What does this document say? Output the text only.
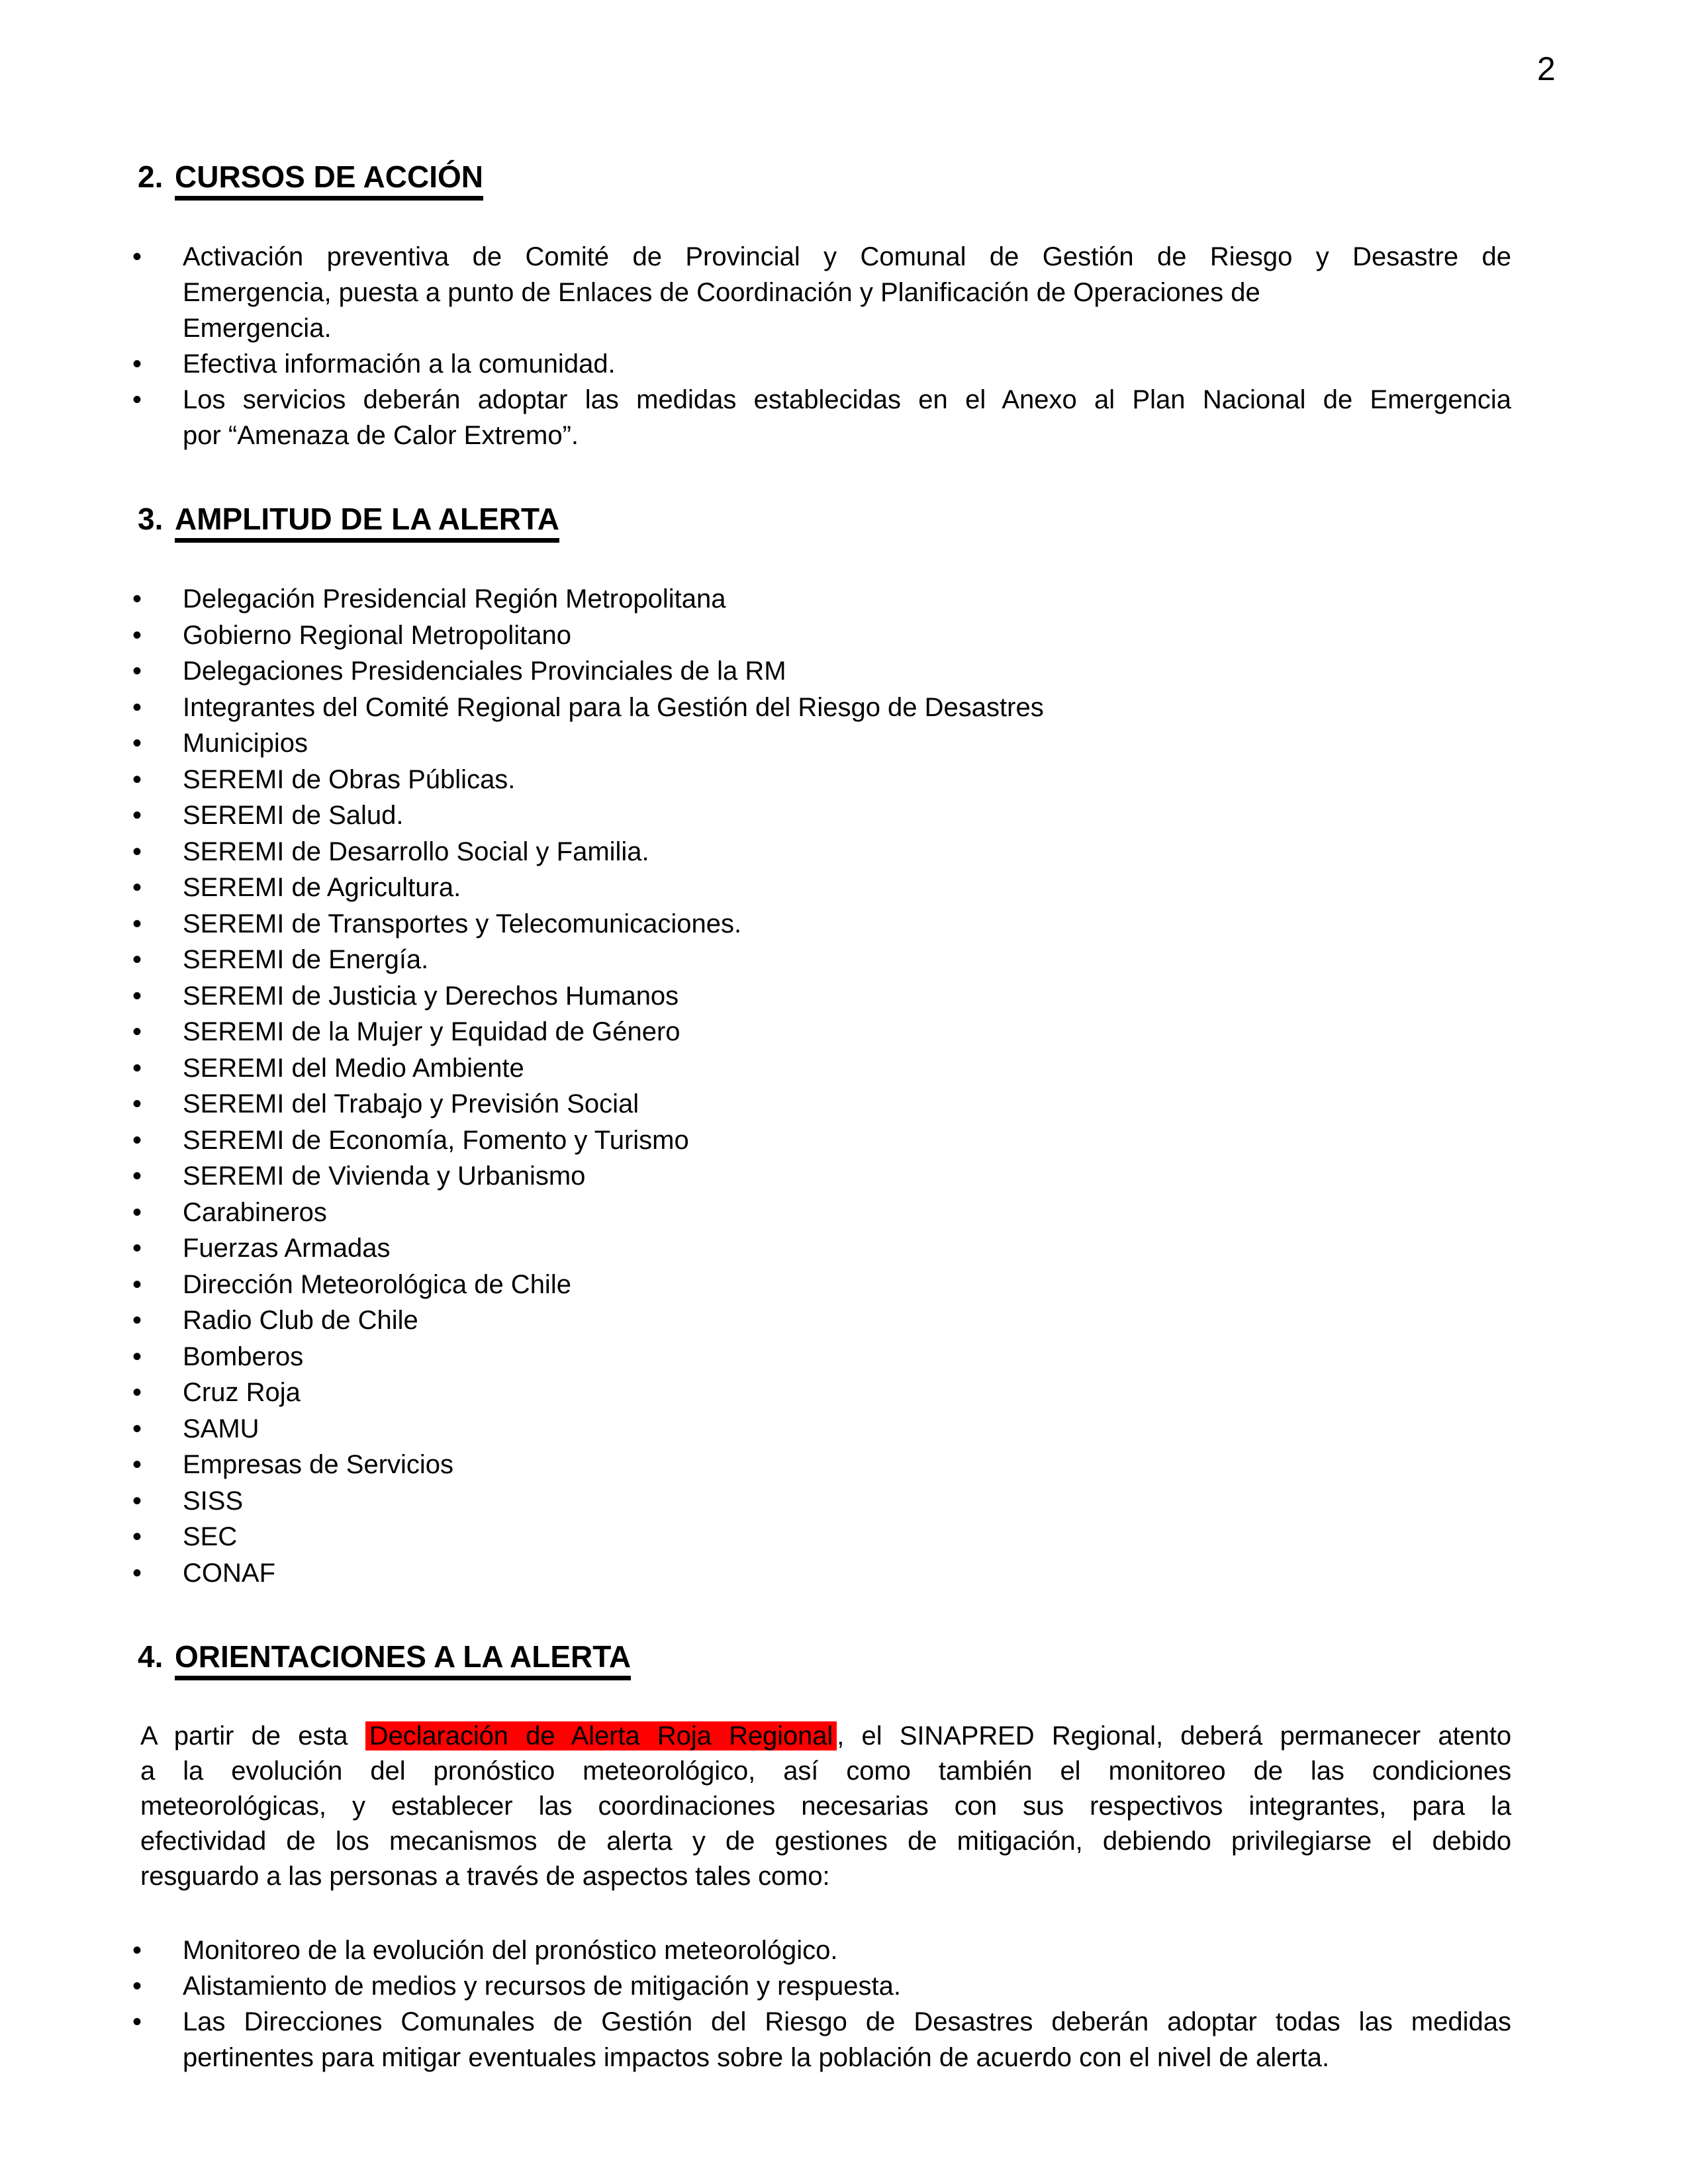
2
2. CURSOS DE ACCIÓN
•	Activación preventiva de Comité de Provincial y Comunal de Gestión de Riesgo y Desastre de
Emergencia, puesta a punto de Enlaces de Coordinación y Planificación de Operaciones de
Emergencia.
•	Efectiva información a la comunidad.
•	Los servicios deberán adoptar las medidas establecidas en el Anexo al Plan Nacional de Emergencia
por “Amenaza de Calor Extremo”.
3. AMPLITUD DE LA ALERTA
•	Delegación Presidencial Región Metropolitana
•	Gobierno Regional Metropolitano
•	Delegaciones Presidenciales Provinciales de la RM
•	Integrantes del Comité Regional para la Gestión del Riesgo de Desastres
•	Municipios
•	SEREMI de Obras Públicas.
•	SEREMI de Salud.
•	SEREMI de Desarrollo Social y Familia.
•	SEREMI de Agricultura.
•	SEREMI de Transportes y Telecomunicaciones.
•	SEREMI de Energía.
•	SEREMI de Justicia y Derechos Humanos
•	SEREMI de la Mujer y Equidad de Género
•	SEREMI del Medio Ambiente
•	SEREMI del Trabajo y Previsión Social
•	SEREMI de Economía, Fomento y Turismo
•	SEREMI de Vivienda y Urbanismo
•	Carabineros
•	Fuerzas Armadas
•	Dirección Meteorológica de Chile
•	Radio Club de Chile
•	Bomberos
•	Cruz Roja
•	SAMU
•	Empresas de Servicios
•	SISS
•	SEC
•	CONAF
4. ORIENTACIONES A LA ALERTA
A partir de esta Declaración de Alerta Roja Regional , el SINAPRED Regional, deberá permanecer atento
a la evolución del pronóstico meteorológico, así como también el monitoreo de las condiciones
meteorológicas, y establecer las coordinaciones necesarias con sus respectivos integrantes, para la
efectividad de los mecanismos de alerta y de gestiones de mitigación, debiendo privilegiarse el debido
resguardo a las personas a través de aspectos tales como:
•	Monitoreo de la evolución del pronóstico meteorológico.
•	Alistamiento de medios y recursos de mitigación y respuesta.
•	Las Direcciones Comunales de Gestión del Riesgo de Desastres deberán adoptar todas las medidas
pertinentes para mitigar eventuales impactos sobre la población de acuerdo con el nivel de alerta.
